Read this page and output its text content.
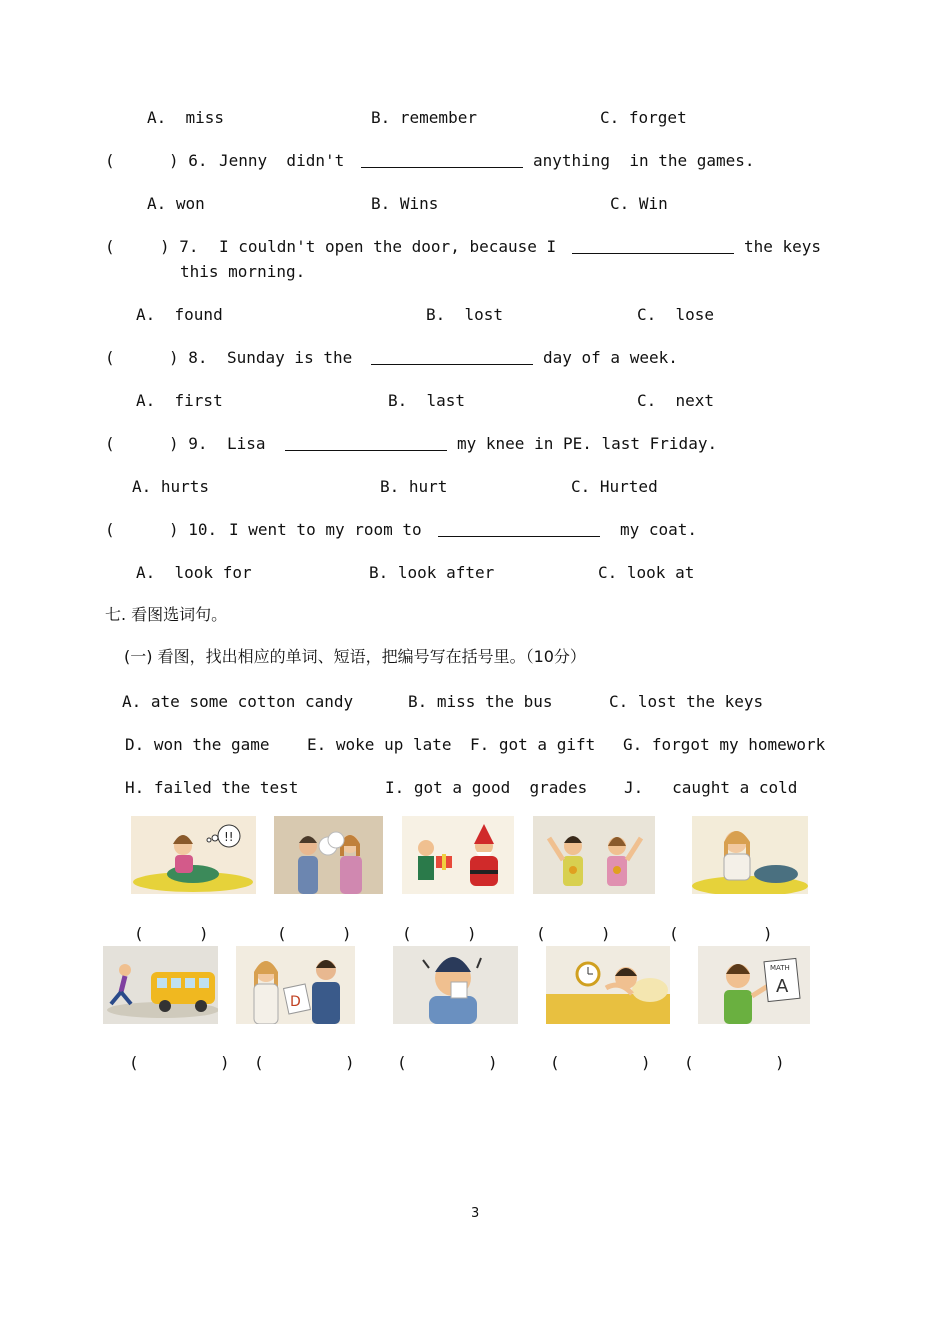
A.  miss	B. remember	C. forget
(	) 6. Jenny  didn't	anything  in the games.
A. won	B. Wins	C. Win
(	) 7. I couldn't open the door, because I	the keys
this morning.
A.  found	B.  lost	C.  lose
(	) 8. Sunday is the	day of a week.
A.  first	B.  last	C.  next
(	) 9. Lisa	my knee in PE. last Friday.
A. hurts	B. hurt	C. Hurted
(	) 10. I went to my room to	my coat.
A.  look for	B. look after	C. look at
七. 看图选词句。
(一) 看图，找出相应的单词、短语，把编号写在括号里。（10分）
A. ate some cotton candy	B. miss the bus	C. lost the keys
D. won the game E. woke up late F. got a gift G. forgot my homework
H. failed the test	I. got a good  grades J.   caught a cold
!!
(	)	(	)	(	)	(	)	(	)
D
MATH
A
(	) (	)	(	)	(	) (	)
3
